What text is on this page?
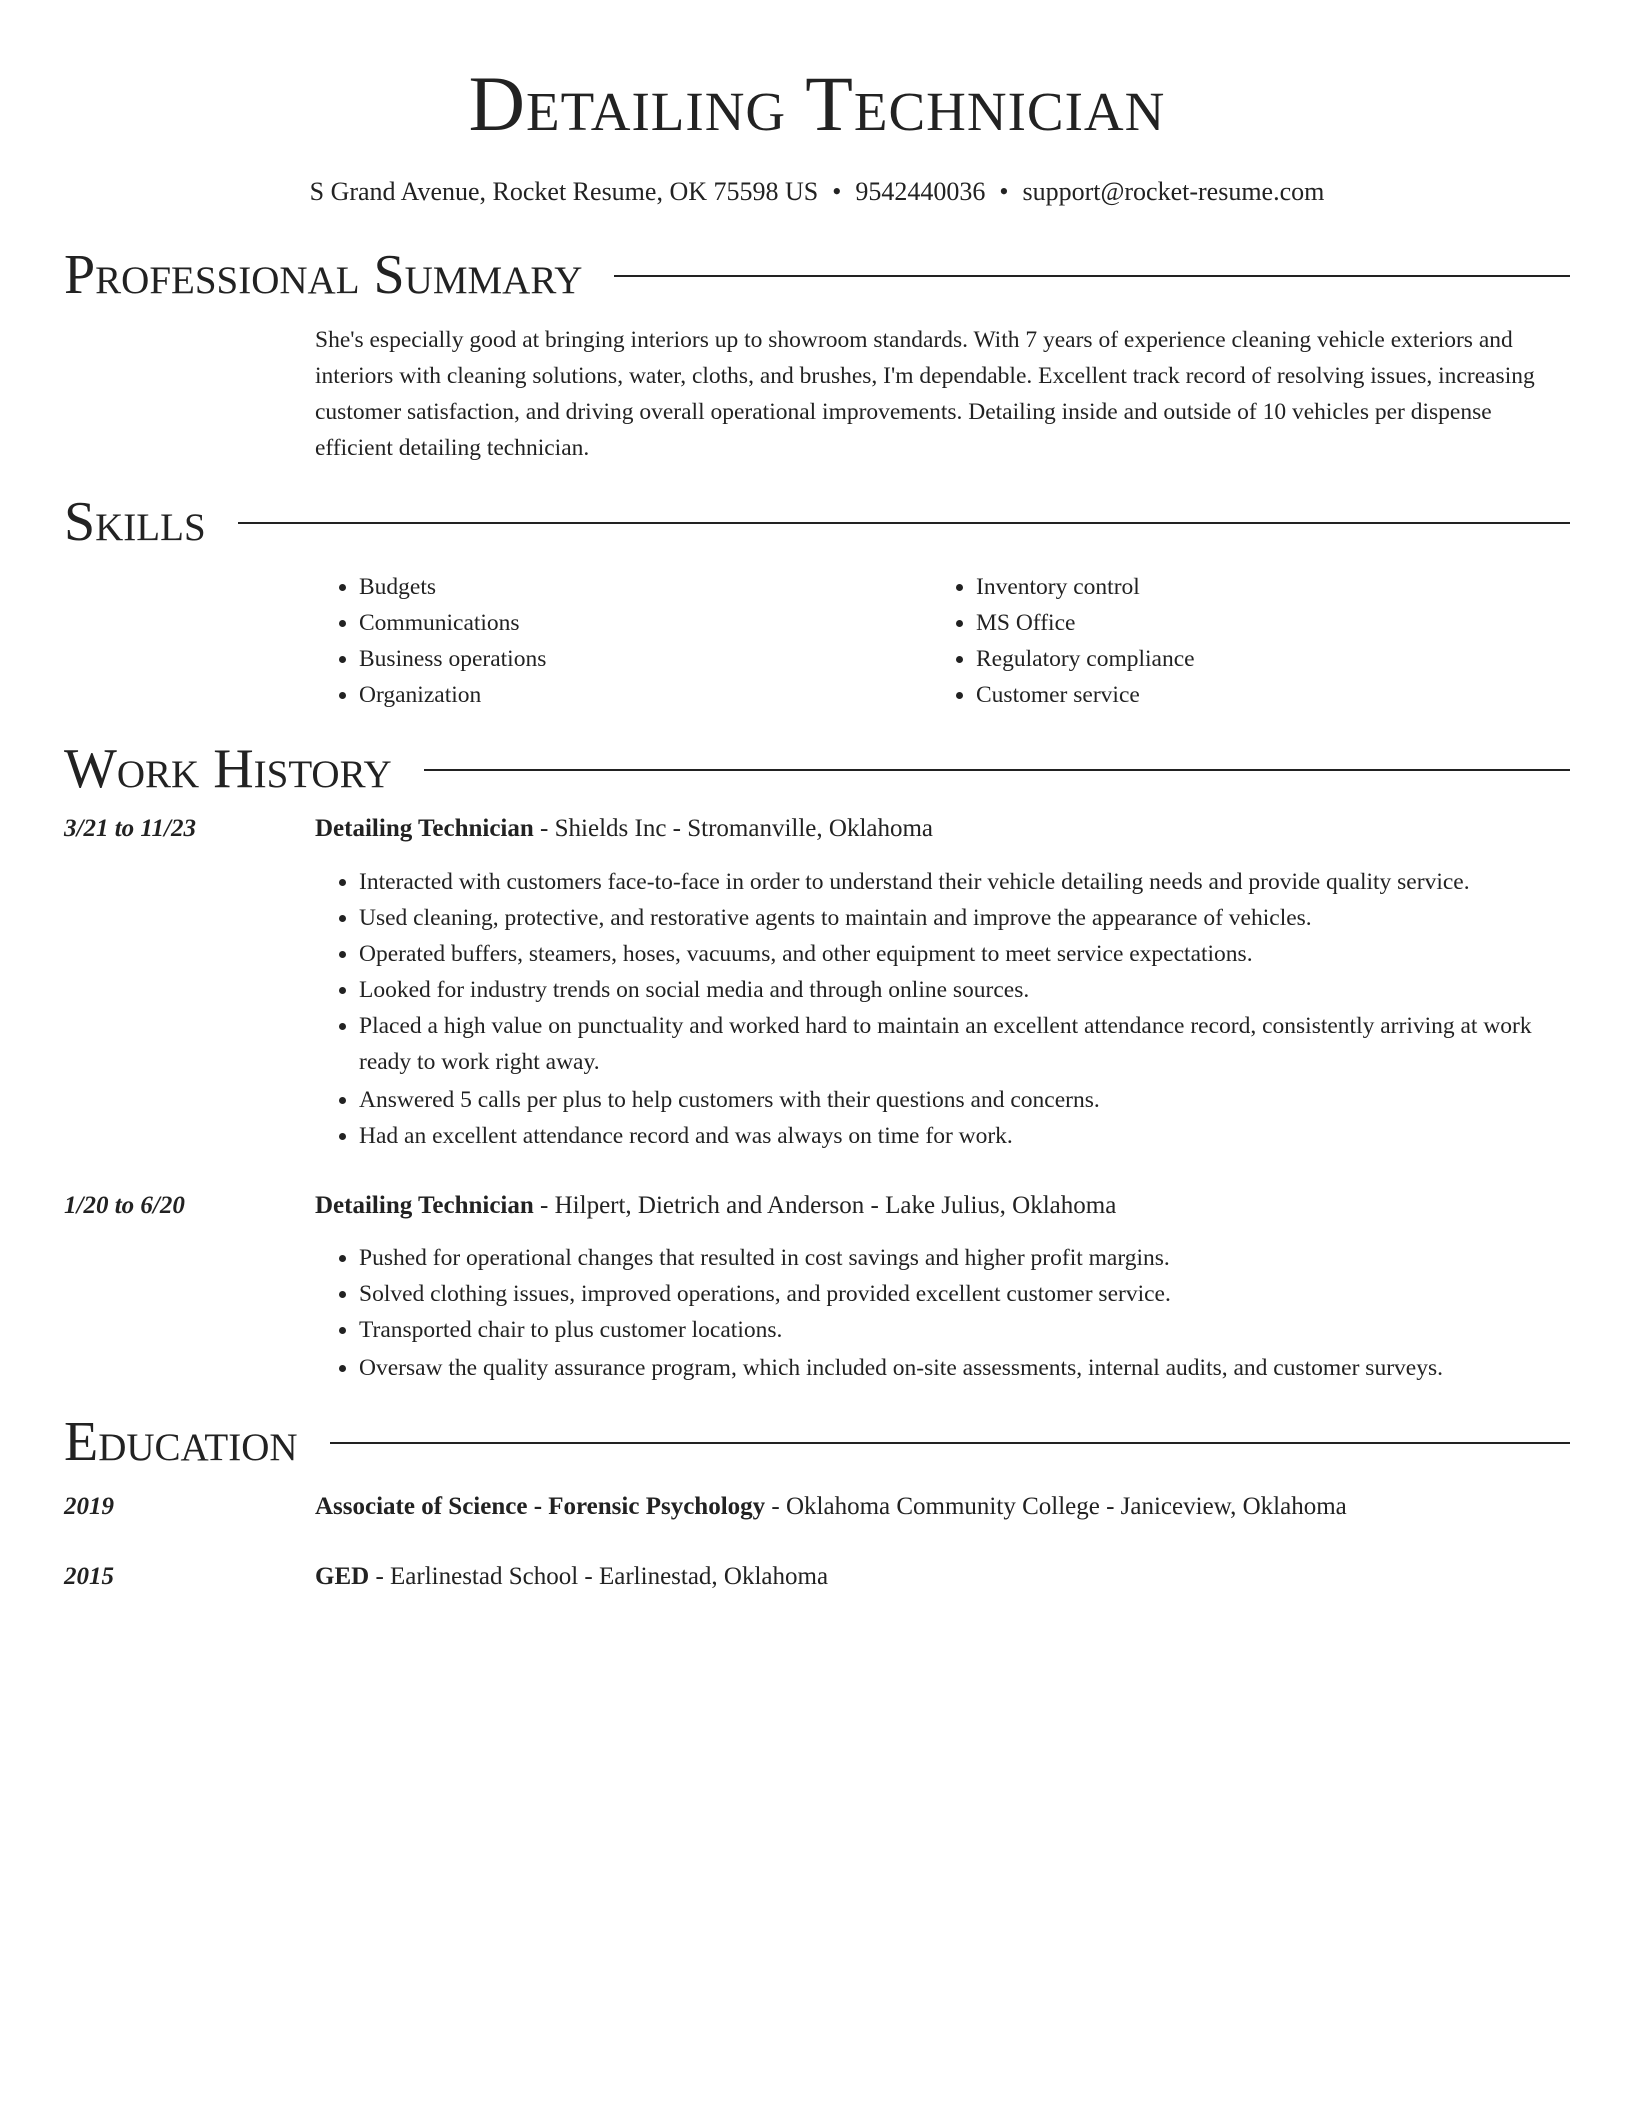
Detailing Technician
S Grand Avenue, Rocket Resume, OK 75598 US • 9542440036 • support@rocket-resume.com
Professional Summary

She's especially good at bringing interiors up to showroom standards. With 7 years of experience cleaning vehicle exteriors and interiors with cleaning solutions, water, cloths, and brushes, I'm dependable. Excellent track record of resolving issues, increasing customer satisfaction, and driving overall operational improvements. Detailing inside and outside of 10 vehicles per dispense efficient detailing technician.

Skills
• Budgets
• Communications
• Business operations
• Organization
• Inventory control
• MS Office
• Regulatory compliance
• Customer service
Work History
3/21 to 11/23	Detailing Technician - Shields Inc - Stromanville, Oklahoma
• Interacted with customers face-to-face in order to understand their vehicle detailing needs and provide quality service.
• Used cleaning, protective, and restorative agents to maintain and improve the appearance of vehicles.
• Operated buffers, steamers, hoses, vacuums, and other equipment to meet service expectations.
• Looked for industry trends on social media and through online sources.
• Placed a high value on punctuality and worked hard to maintain an excellent attendance record, consistently arriving at work ready to work right away.
• Answered 5 calls per plus to help customers with their questions and concerns.
• Had an excellent attendance record and was always on time for work.
1/20 to 6/20	Detailing Technician - Hilpert, Dietrich and Anderson - Lake Julius, Oklahoma
• Pushed for operational changes that resulted in cost savings and higher profit margins.
• Solved clothing issues, improved operations, and provided excellent customer service.
• Transported chair to plus customer locations.
• Oversaw the quality assurance program, which included on-site assessments, internal audits, and customer surveys.
Education
2019	Associate of Science - Forensic Psychology - Oklahoma Community College - Janiceview, Oklahoma
2015	GED - Earlinestad School - Earlinestad, Oklahoma
